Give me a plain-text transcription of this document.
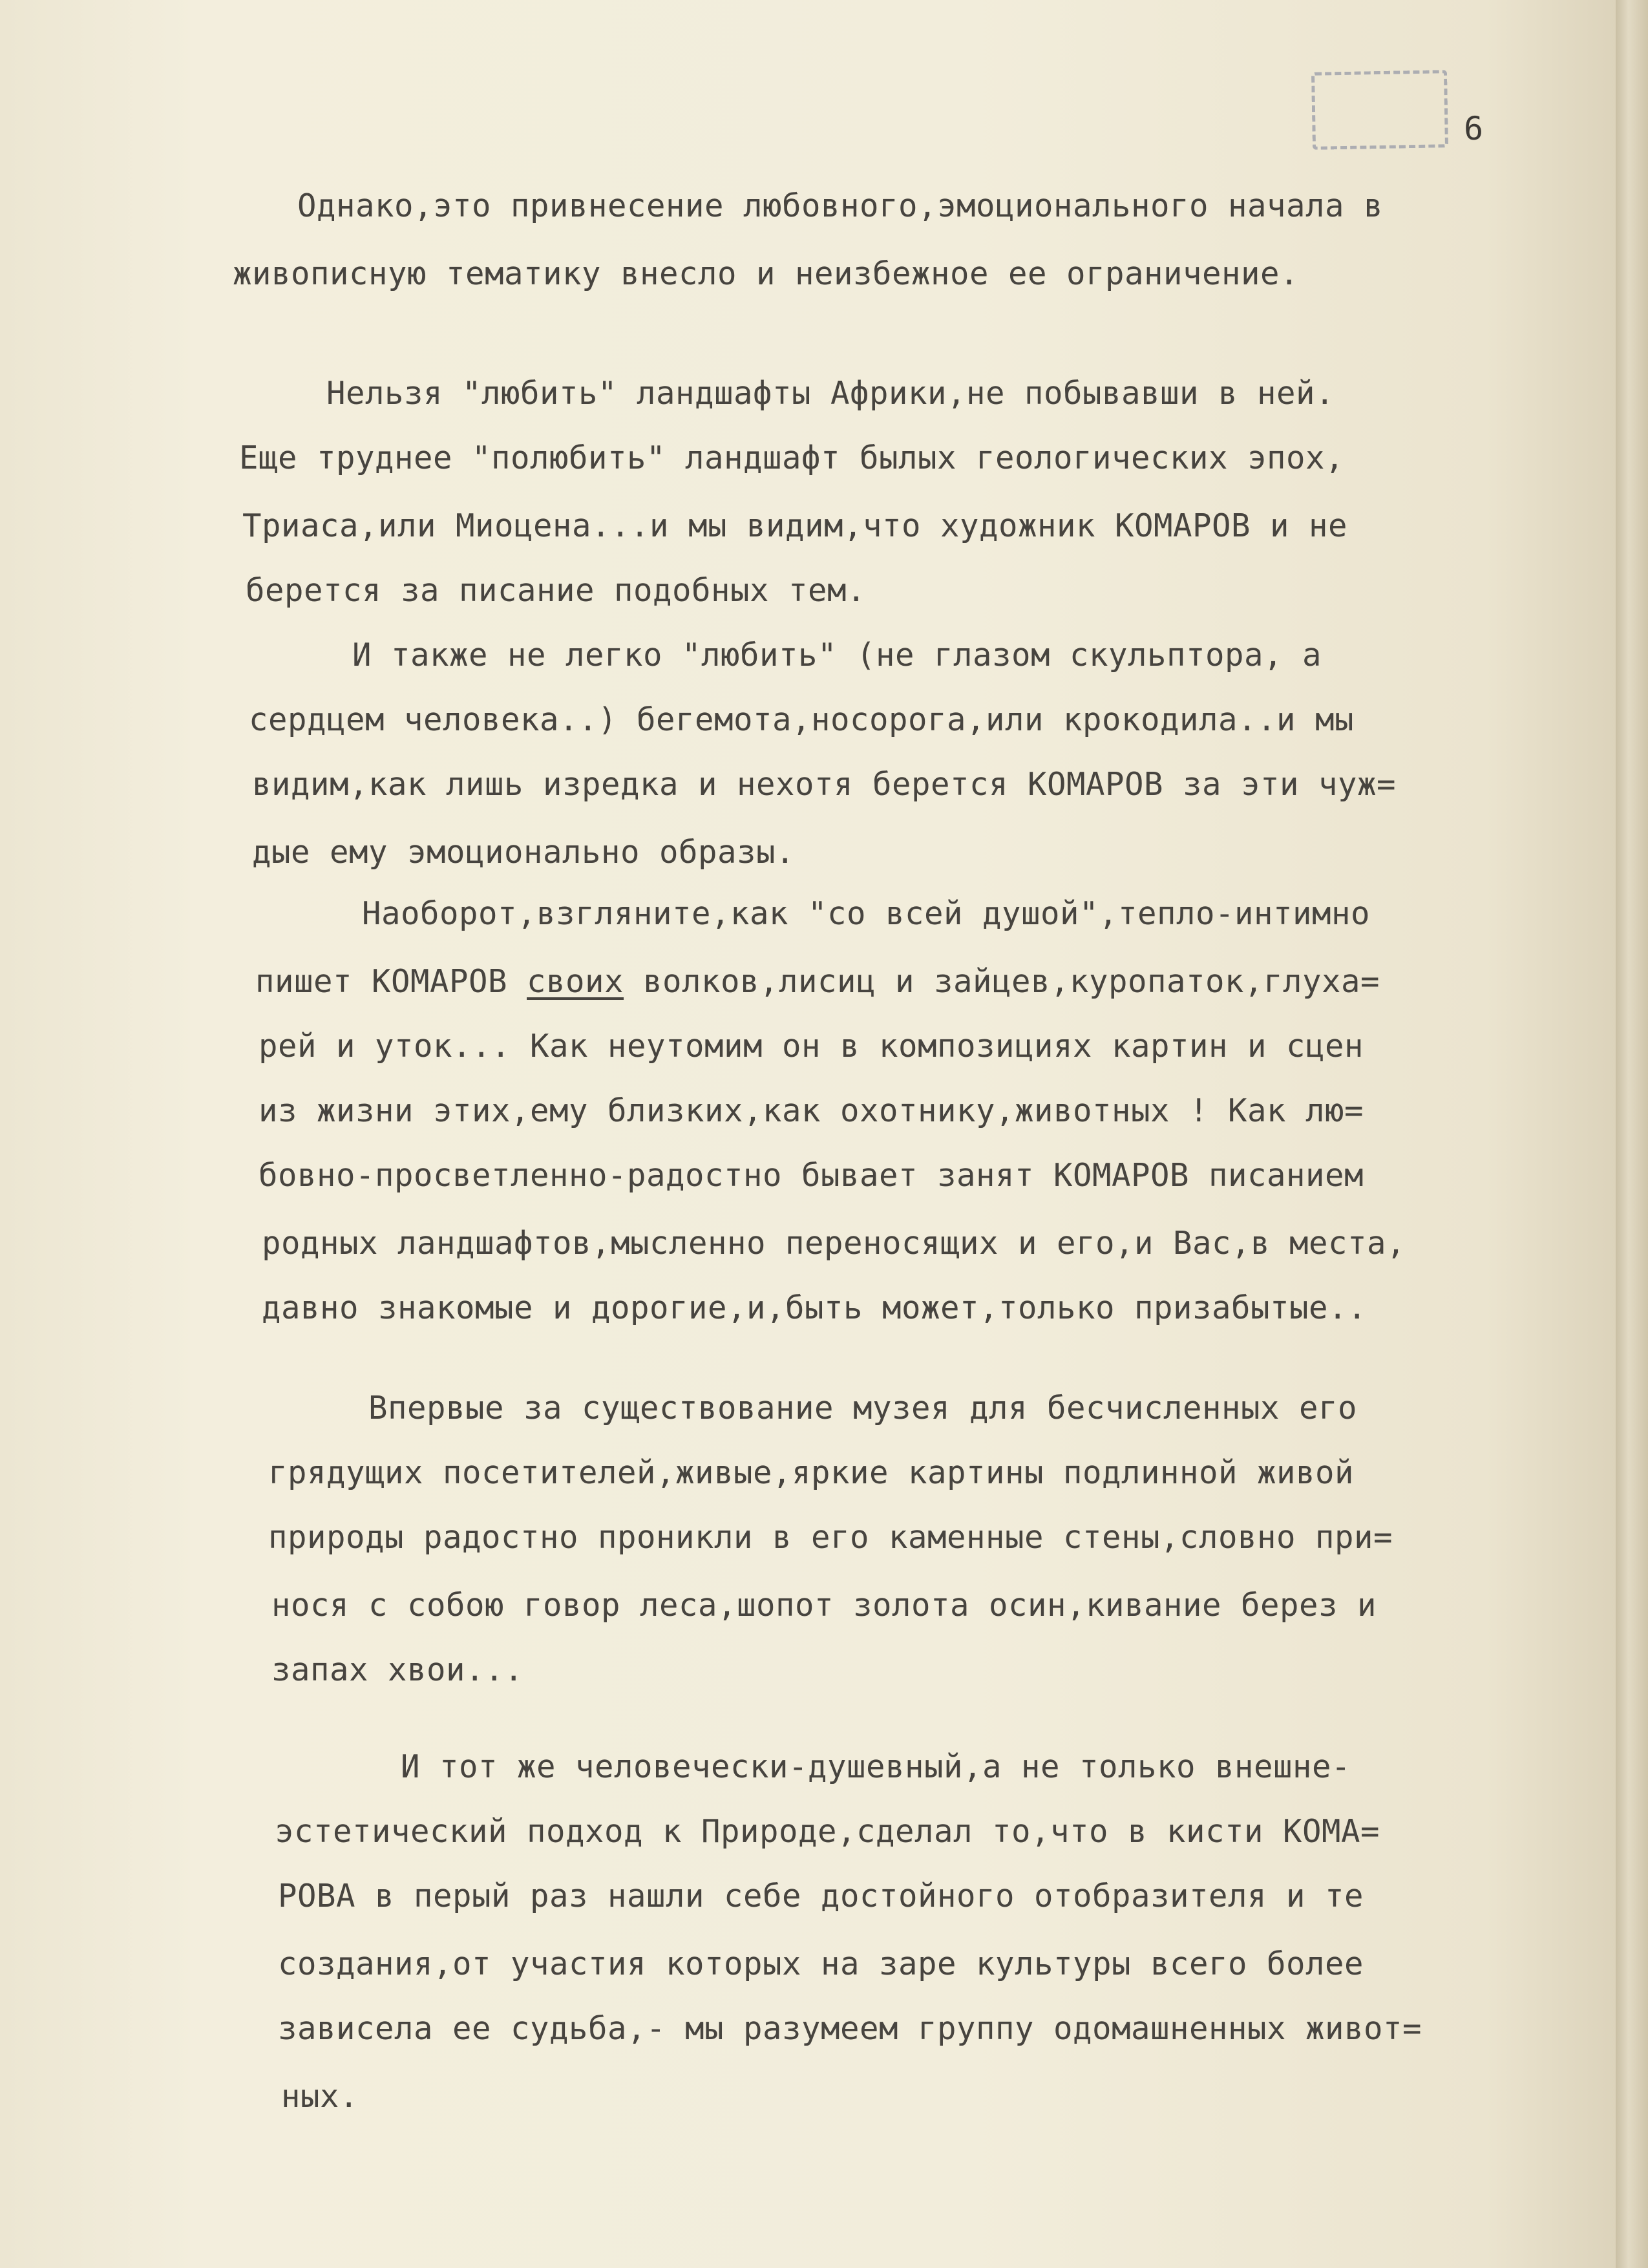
6
Однако,это привнесение любовного,эмоционального начала в
живописную тематику внесло и неизбежное ее ограничение.
Нельзя "любить" ландшафты Африки,не побывавши в ней.
Еще труднее "полюбить" ландшафт былых геологических эпох,
Триаса,или Миоцена...и мы видим,что художник КОМАРОВ и не
берется за писание подобных тем.
И также не легко "любить" (не глазом скульптора, а
сердцем человека..) бегемота,носорога,или крокодила..и мы
видим,как лишь изредка и нехотя берется КОМАРОВ за эти чуж=
дые ему эмоционально образы.
Наоборот,взгляните,как "со всей душой",тепло-интимно
пишет КОМАРОВ своих волков,лисиц и зайцев,куропаток,глуха=
рей и уток... Как неутомим он в композициях картин и сцен
из жизни этих,ему близких,как охотнику,животных ! Как лю=
бовно-просветленно-радостно бывает занят КОМАРОВ писанием
родных ландшафтов,мысленно переносящих и его,и Вас,в места,
давно знакомые и дорогие,и,быть может,только призабытые..
Впервые за существование музея для бесчисленных его
грядущих посетителей,живые,яркие картины подлинной живой
природы радостно проникли в его каменные стены,словно при=
нося с собою говор леса,шопот золота осин,кивание берез и
запах хвои...
И тот же человечески-душевный,а не только внешне-
эстетический подход к Природе,сделал то,что в кисти КОМА=
РОВА в перый раз нашли себе достойного отобразителя и те
создания,от участия которых на заре культуры всего более
зависела ее судьба,- мы разумеем группу одомашненных живот=
ных.
